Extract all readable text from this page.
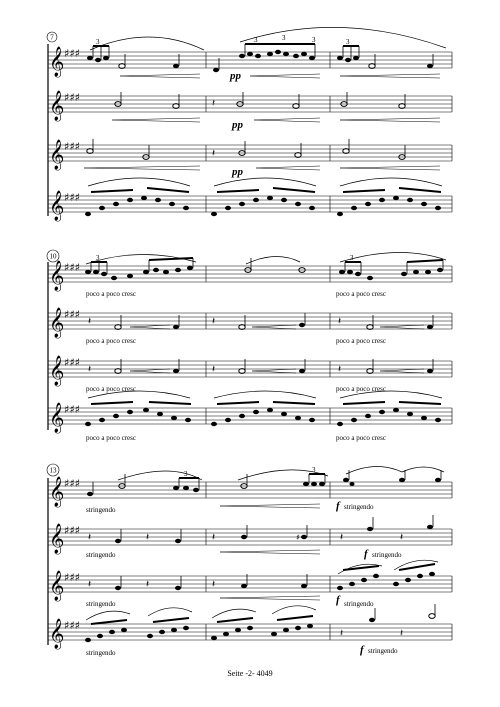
7
𝄞 ♯♯♯
3	3	3	3	3
pp
𝄞 ♯♯♯	𝄽
pp
𝄞 ♯♯♯
𝄽
pp
𝄞 ♯♯♯
10
𝄞 ♯♯♯
3	3
poco a poco cresc	poco a poco cresc
𝄞 ♯♯♯
𝄽	𝄽	𝄽
poco a poco cresc	poco a poco cresc
𝄞 ♯♯♯
𝄽	𝄽	𝄽
poco a poco cresc	poco a poco cresc
𝄞 ♯♯♯
poco a poco cresc	poco a poco cresc
13
𝄞 ♯♯♯
3	3
stringendo	f stringendo
𝄞 ♯♯♯
𝄽	𝄽	𝄽	𝄽	𝄽
♯
stringendo	f stringendo
𝄞 ♯♯♯
𝄽	𝄽	𝄽
stringendo	f stringendo
𝄞 ♯♯♯
𝄽	𝄽
stringendo	f stringendo
Seite -2- 4049
